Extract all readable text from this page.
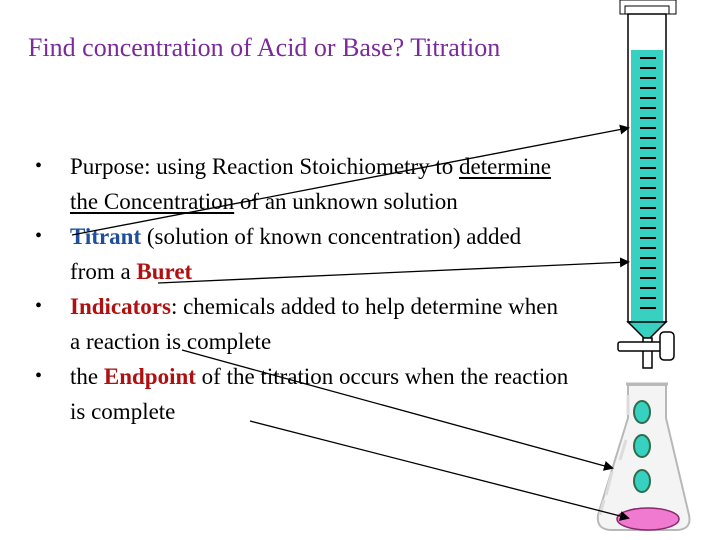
Find concentration of Acid or Base? Titration
• Purpose: using Reaction Stoichiometry to determine the Concentration of an unknown solution
• Titrant (solution of known concentration) added from a Buret
• Indicators: chemicals added to help determine when a reaction is complete
• the Endpoint of the titration occurs when the reaction is complete
